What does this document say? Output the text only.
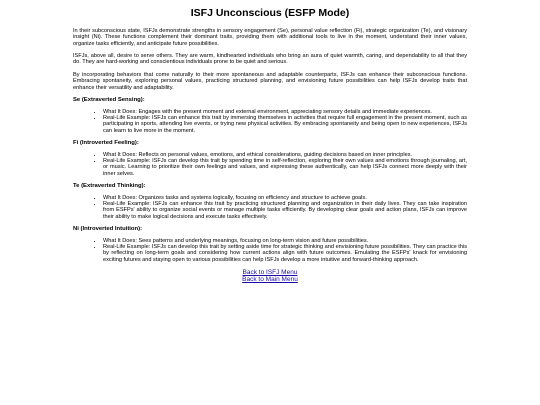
ISFJ Unconscious (ESFP Mode)

In their subconscious state, ISFJs demonstrate strengths in sensory engagement (Se), personal value reflection (Fi), strategic organization (Te), and visionary insight (Ni). These functions complement their dominant traits, providing them with additional tools to live in the moment, understand their inner values, organize tasks efficiently, and anticipate future possibilities.

ISFJs, above all, desire to serve others. They are warm, kindhearted individuals who bring an aura of quiet warmth, caring, and dependability to all that they do. They are hard-working and conscientious individuals prone to be quiet and serious.

By incorporating behaviors that come naturally to their more spontaneous and adaptable counterparts, ISFJs can enhance their subconscious functions. Embracing spontaneity, exploring personal values, practicing structured planning, and envisioning future possibilities can help ISFJs develop traits that enhance their versatility and adaptability.

Se (Extraverted Sensing):
• What It Does: Engages with the present moment and external environment, appreciating sensory details and immediate experiences.
• Real-Life Example: ISFJs can enhance this trait by immersing themselves in activities that require full engagement in the present moment, such as participating in sports, attending live events, or trying new physical activities. By embracing spontaneity and being open to new experiences, ISFJs can learn to live more in the moment.
Fi (Introverted Feeling):
• What It Does: Reflects on personal values, emotions, and ethical considerations, guiding decisions based on inner principles.
• Real-Life Example: ISFJs can develop this trait by spending time in self-reflection, exploring their own values and emotions through journaling, art, or music. Learning to prioritize their own feelings and values, and expressing these authentically, can help ISFJs connect more deeply with their inner selves.
Te (Extraverted Thinking):
• What It Does: Organizes tasks and systems logically, focusing on efficiency and structure to achieve goals.
• Real-Life Example: ISFJs can enhance this trait by practicing structured planning and organization in their daily lives. They can take inspiration from ESFPs' ability to organize social events or manage multiple tasks efficiently. By developing clear goals and action plans, ISFJs can improve their ability to make logical decisions and execute tasks effectively.
Ni (Introverted Intuition):
• What It Does: Sees patterns and underlying meanings, focusing on long-term vision and future possibilities.
• Real-Life Example: ISFJs can develop this trait by setting aside time for strategic thinking and envisioning future possibilities. They can practice this by reflecting on long-term goals and considering how current actions align with future outcomes. Emulating the ESFPs' knack for envisioning exciting futures and staying open to various possibilities can help ISFJs develop a more intuitive and forward-thinking approach.
Back to ISFJ Menu
Back to Main Menu
